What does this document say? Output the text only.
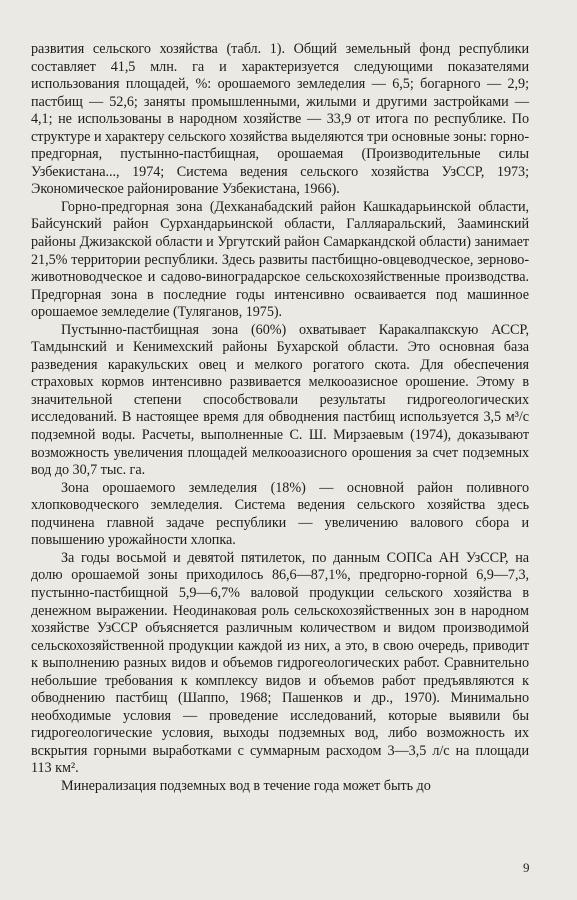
развития сельского хозяйства (табл. 1). Общий земельный фонд республики составляет 41,5 млн. га и характеризуется следующими показателями использования площадей, %: орошаемого земледелия — 6,5; богарного — 2,9; пастбищ — 52,6; заняты промышленными, жилыми и другими застройками — 4,1; не использованы в народном хозяйстве — 33,9 от итога по республике. По структуре и характеру сельского хозяйства выделяются три основные зоны: горно-предгорная, пустынно-пастбищная, орошаемая (Производительные силы Узбекистана..., 1974; Система ведения сельского хозяйства УзССР, 1973; Экономическое районирование Узбекистана, 1966).

Горно-предгорная зона (Дехканабадский район Кашкадарьинской области, Байсунский район Сурхандарьинской области, Галляаральский, Зааминский районы Джизакской области и Ургутский район Самаркандской области) занимает 21,5% территории республики. Здесь развиты пастбищно-овцеводческое, зерново-животноводческое и садово-виноградарское сельскохозяйственные производства. Предгорная зона в последние годы интенсивно осваивается под машинное орошаемое земледелие (Туляганов, 1975).

Пустынно-пастбищная зона (60%) охватывает Каракалпакскую АССР, Тамдынский и Кенимехский районы Бухарской области. Это основная база разведения каракульских овец и мелкого рогатого скота. Для обеспечения страховых кормов интенсивно развивается мелкооазисное орошение. Этому в значительной степени способствовали результаты гидрогеологических исследований. В настоящее время для обводнения пастбищ используется 3,5 м³/с подземной воды. Расчеты, выполненные С. Ш. Мирзаевым (1974), доказывают возможность увеличения площадей мелкооазисного орошения за счет подземных вод до 30,7 тыс. га.

Зона орошаемого земледелия (18%) — основной район поливного хлопководческого земледелия. Система ведения сельского хозяйства здесь подчинена главной задаче республики — увеличению валового сбора и повышению урожайности хлопка.

За годы восьмой и девятой пятилеток, по данным СОПСа АН УзССР, на долю орошаемой зоны приходилось 86,6—87,1%, предгорно-горной 6,9—7,3, пустынно-пастбищной 5,9—6,7% валовой продукции сельского хозяйства в денежном выражении. Неодинаковая роль сельскохозяйственных зон в народном хозяйстве УзССР объясняется различным количеством и видом производимой сельскохозяйственной продукции каждой из них, а это, в свою очередь, приводит к выполнению разных видов и объемов гидрогеологических работ. Сравнительно небольшие требования к комплексу видов и объемов работ предъявляются к обводнению пастбищ (Шаппо, 1968; Пашенков и др., 1970). Минимально необходимые условия — проведение исследований, которые выявили бы гидрогеологические условия, выходы подземных вод, либо возможность их вскрытия горными выработками с суммарным расходом 3—3,5 л/с на площади 113 км².

Минерализация подземных вод в течение года может быть до

9
